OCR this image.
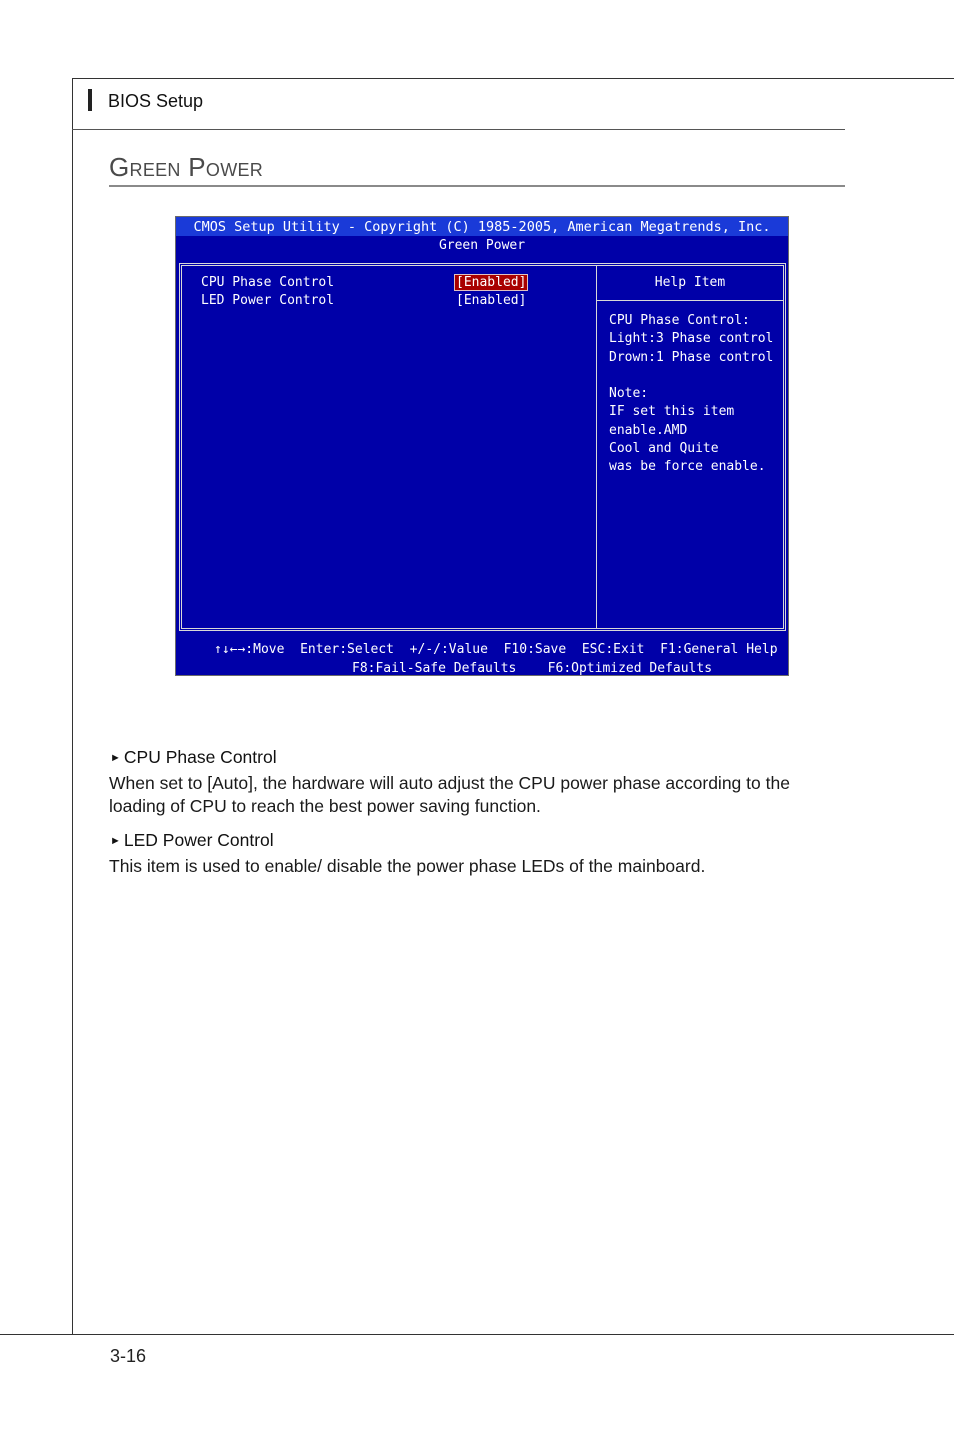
BIOS Setup
Green Power
CMOS Setup Utility - Copyright (C) 1985-2005, American Megatrends, Inc.
Green Power
CPU Phase Control	[Enabled]
LED Power Control	[Enabled]
Help Item
CPU Phase Control:
Light:3 Phase control
Drown:1 Phase control
Note:
IF set this item
enable.AMD
Cool and Quite
was be force enable.
↑↓←→:Move  Enter:Select  +/-/:Value  F10:Save  ESC:Exit  F1:General Help
F8:Fail-Safe Defaults    F6:Optimized Defaults
► CPU Phase Control
When set to [Auto], the hardware will auto adjust the CPU power phase according to the loading of CPU to reach the best power saving function.
► LED Power Control
This item is used to enable/ disable the power phase LEDs of the mainboard.
3-16
